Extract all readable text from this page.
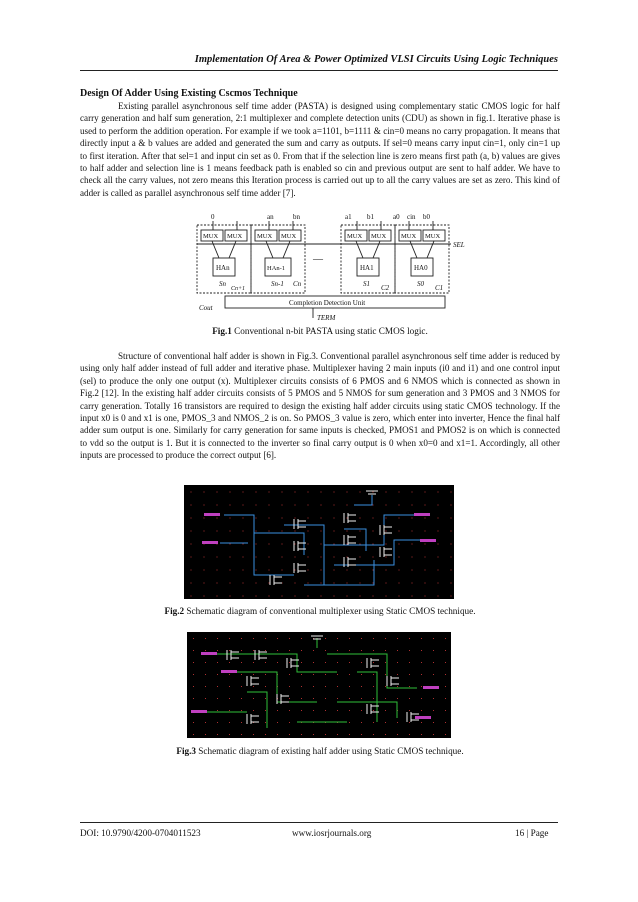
Implementation Of Area & Power Optimized VLSI Circuits Using Logic Techniques
Design Of Adder Using Existing Cscmos Technique

Existing parallel asynchronous self time adder (PASTA) is designed using complementary static CMOS logic for half carry generation and half sum generation, 2:1 multiplexer and complete detection units (CDU) as shown in fig.1. Iterative phase is used to perform the addition operation. For example if we took a=1101, b=1111 & cin=0 means no carry propagation. It means that directly input a & b values are added and generated the sum and carry as outputs. If sel=0 means carry input cin=1, only cin=1 up to first iteration. After that sel=1 and input cin set as 0. From that if the selection line is zero means first path (a, b) values are gives to half adder and selection line is 1 means feedback path is enabled so cin and previous output are sent to half adder. We have to check all the carry values, not zero means this Iteration process is carried out up to all the carry values are set as zero. This kind of adder is called as parallel asynchronous self time adder [7].

0	an	bn	a1 b1	a0 cin b0
MUX MUX MUX MUX	MUX MUX MUX MUX
SEL
HAn	HAn-1	HA1	HA0
—
Sn	Sn-1	S1	S0
Cn+1
Cn	C2	C1
Completion Detection Unit
TERM
Cout
Fig.1 Conventional n-bit PASTA using static CMOS logic.

Structure of conventional half adder is shown in Fig.3. Conventional parallel asynchronous self time adder is reduced by using only half adder instead of full adder and iterative phase. Multiplexer having 2 main inputs (i0 and i1) and one control input (sel) to produce the only one output (x). Multiplexer circuits consists of 6 PMOS and 6 NMOS which is connected as shown in Fig.2 [12]. In the existing half adder circuits consists of 5 PMOS and 5 NMOS for sum generation and 3 PMOS and 3 NMOS for carry generation. Totally 16 transistors are required to design the existing half adder circuits using static CMOS technology. If the input x0 is 0 and x1 is one, PMOS_3 and NMOS_2 is on. So PMOS_3 value is zero, which enter into inverter, Hence the final half adder sum output is one. Similarly for carry generation for same inputs is checked, PMOS1 and PMOS2 is on which is connected to vdd so the output is 1. But it is connected to the inverter so final carry output is 0 when x0=0 and x1=1. Accordingly, all other inputs are processed to produce the correct output [6].

Fig.2 Schematic diagram of conventional multiplexer using Static CMOS technique.
Fig.3 Schematic diagram of existing half adder using Static CMOS technique.
DOI: 10.9790/4200-0704011523	www.iosrjournals.org	16 | Page
